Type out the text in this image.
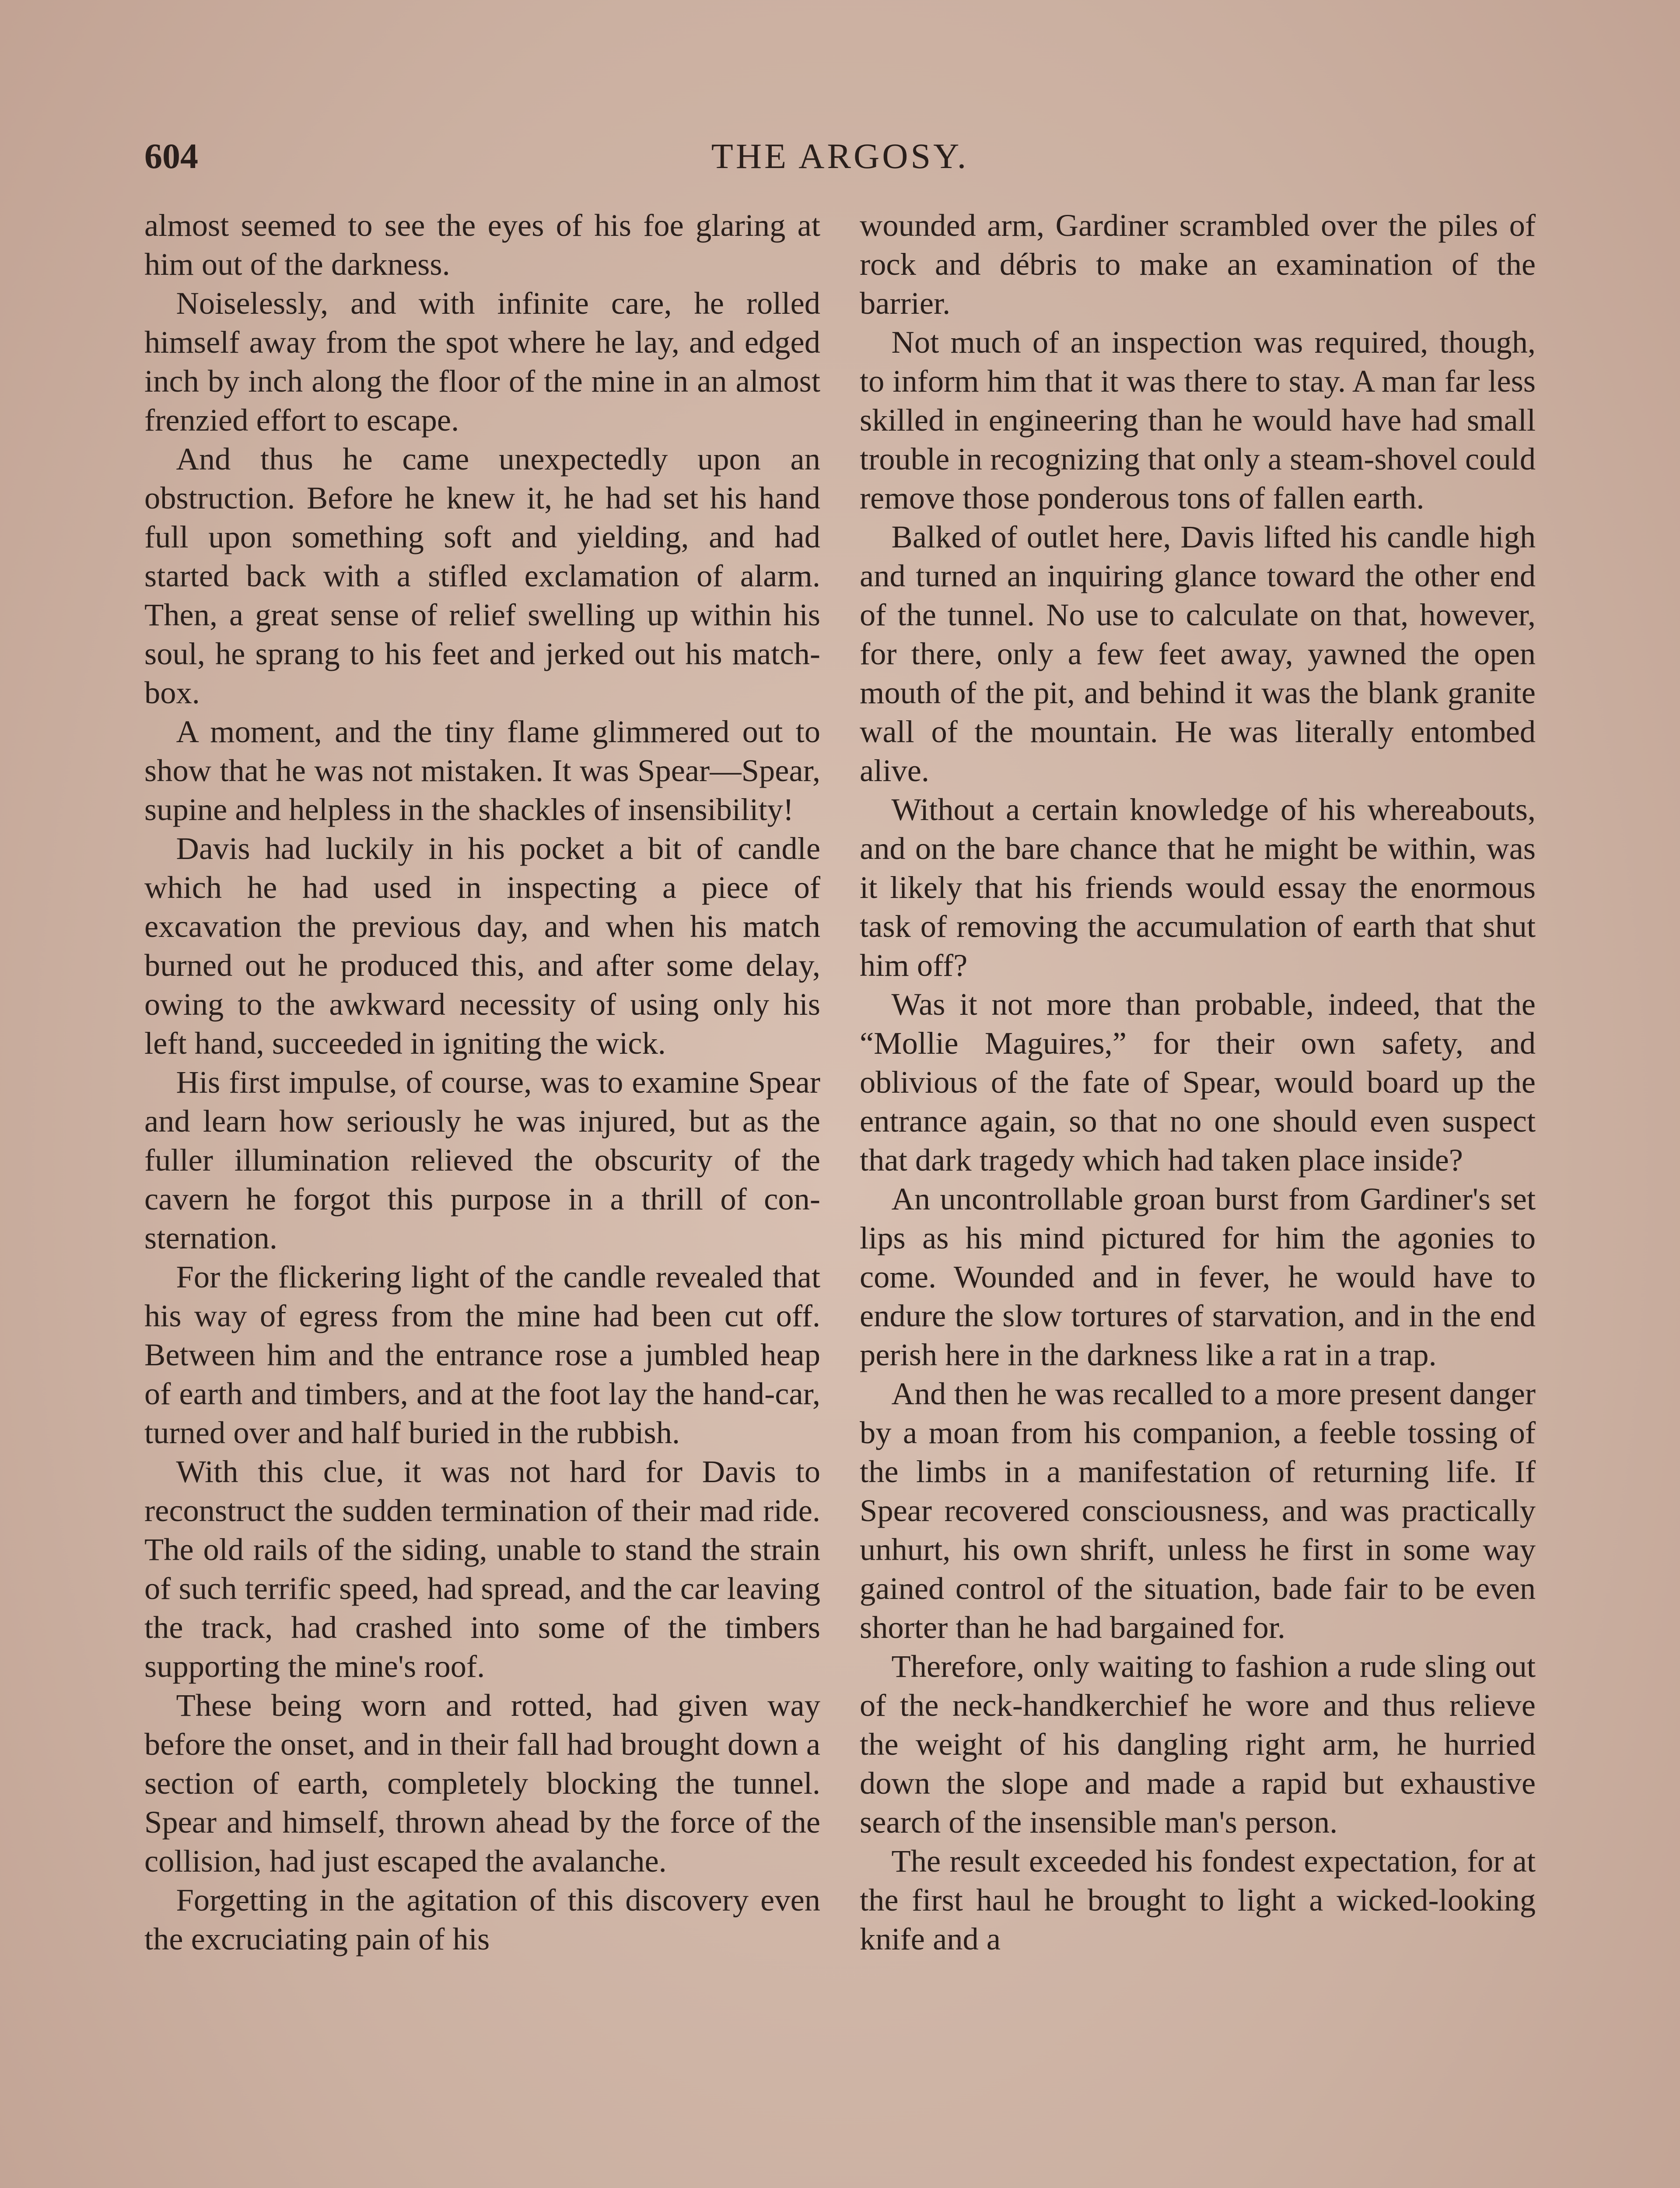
604	THE ARGOSY.

almost seemed to see the eyes of his foe glaring at him out of the darkness.

Noiselessly, and with infinite care, he rolled himself away from the spot where he lay, and edged inch by inch along the floor of the mine in an almost frenzied effort to escape.

And thus he came unexpectedly upon an obstruction. Before he knew it, he had set his hand full upon something soft and yielding, and had started back with a stifled exclamation of alarm. Then, a great sense of relief swelling up within his soul, he sprang to his feet and jerked out his match-box.

A moment, and the tiny flame glimmered out to show that he was not mistaken. It was Spear—Spear, supine and helpless in the shackles of insensibility!

Davis had luckily in his pocket a bit of candle which he had used in inspecting a piece of excavation the previous day, and when his match burned out he produced this, and after some delay, owing to the awkward necessity of using only his left hand, succeeded in igniting the wick.

His first impulse, of course, was to examine Spear and learn how seriously he was injured, but as the fuller illumination relieved the obscurity of the cavern he forgot this purpose in a thrill of consternation.

For the flickering light of the candle revealed that his way of egress from the mine had been cut off. Between him and the entrance rose a jumbled heap of earth and timbers, and at the foot lay the hand-car, turned over and half buried in the rubbish.

With this clue, it was not hard for Davis to reconstruct the sudden termination of their mad ride. The old rails of the siding, unable to stand the strain of such terrific speed, had spread, and the car leaving the track, had crashed into some of the timbers supporting the mine's roof.

These being worn and rotted, had given way before the onset, and in their fall had brought down a section of earth, completely blocking the tunnel. Spear and himself, thrown ahead by the force of the collision, had just escaped the avalanche.

Forgetting in the agitation of this discovery even the excruciating pain of his

wounded arm, Gardiner scrambled over the piles of rock and débris to make an examination of the barrier.

Not much of an inspection was required, though, to inform him that it was there to stay. A man far less skilled in engineering than he would have had small trouble in recognizing that only a steam-shovel could remove those ponderous tons of fallen earth.

Balked of outlet here, Davis lifted his candle high and turned an inquiring glance toward the other end of the tunnel. No use to calculate on that, however, for there, only a few feet away, yawned the open mouth of the pit, and behind it was the blank granite wall of the mountain. He was literally entombed alive.

Without a certain knowledge of his whereabouts, and on the bare chance that he might be within, was it likely that his friends would essay the enormous task of removing the accumulation of earth that shut him off?

Was it not more than probable, indeed, that the “Mollie Maguires,” for their own safety, and oblivious of the fate of Spear, would board up the entrance again, so that no one should even suspect that dark tragedy which had taken place inside?

An uncontrollable groan burst from Gardiner's set lips as his mind pictured for him the agonies to come. Wounded and in fever, he would have to endure the slow tortures of starvation, and in the end perish here in the darkness like a rat in a trap.

And then he was recalled to a more present danger by a moan from his companion, a feeble tossing of the limbs in a manifestation of returning life. If Spear recovered consciousness, and was practically unhurt, his own shrift, unless he first in some way gained control of the situation, bade fair to be even shorter than he had bargained for.

Therefore, only waiting to fashion a rude sling out of the neck-handkerchief he wore and thus relieve the weight of his dangling right arm, he hurried down the slope and made a rapid but exhaustive search of the insensible man's person.

The result exceeded his fondest expectation, for at the first haul he brought to light a wicked-looking knife and a
